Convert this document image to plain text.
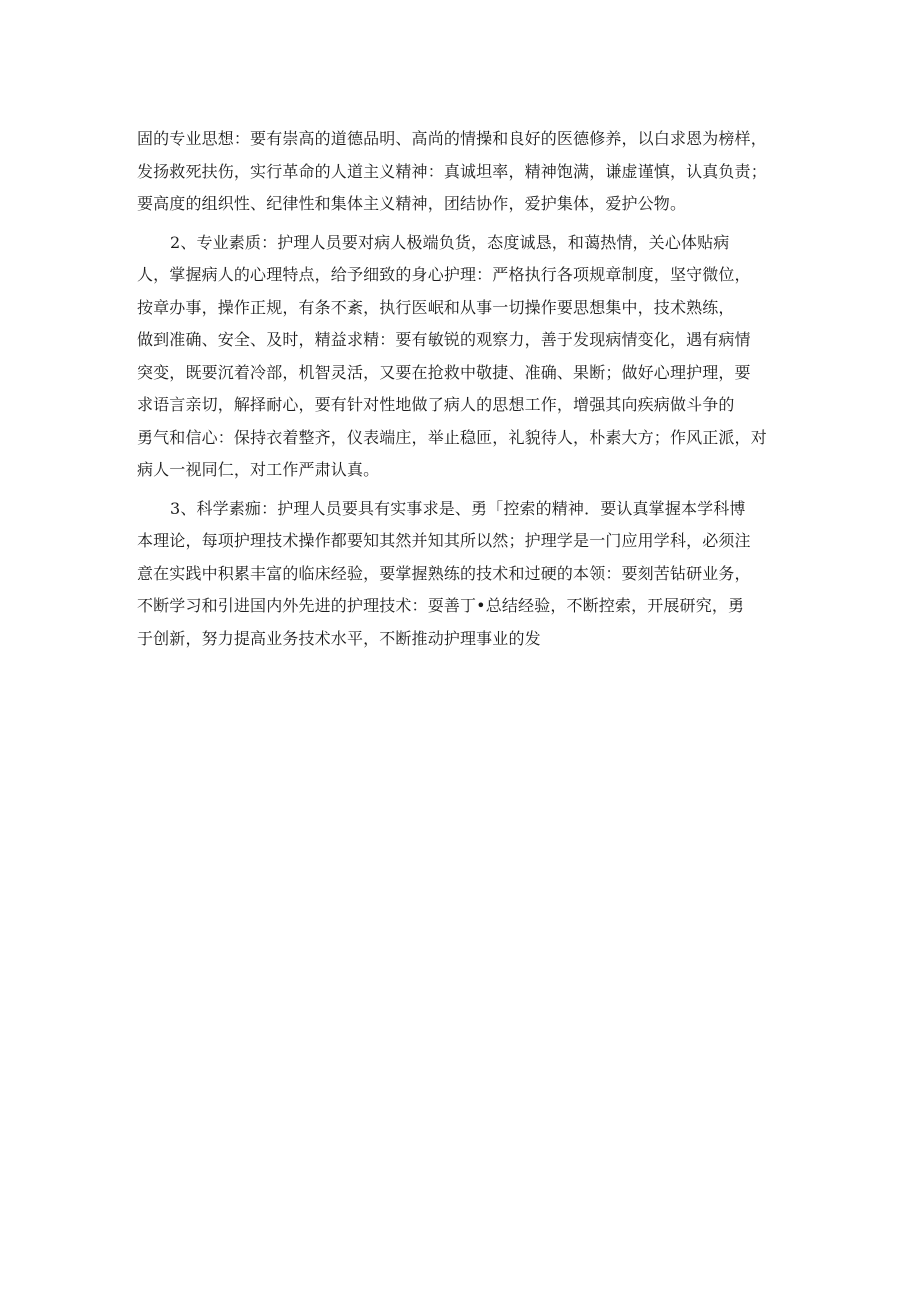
固的专业思想：要有崇高的道德品明、高尚的情操和良好的医德修养，以白求恩为榜样，
发扬救死扶伤，实行革命的人道主义精神：真诚坦率，精神饱满，谦虚谨慎，认真负责；
要高度的组织性、纪律性和集体主义精神，团结协作，爱护集体，爱护公物。
2、专业素质：护理人员要对病人极端负货，态度诚恳，和蔼热情，关心体贴病
人，掌握病人的心理特点，给予细致的身心护理：严格执行各项规章制度，坚守微位，
按章办事，操作正规，有条不紊，执行医岷和从事一切操作要思想集中，技术熟练，
做到准确、安全、及时，精益求精：要有敏锐的观察力，善于发现病情变化，遇有病情
突变，既要沉着冷部，机智灵活，又要在抢救中敬捷、准确、果断；做好心理护理，要
求语言亲切，解择耐心，要有针对性地做了病人的思想工作，增强其向疾病做斗争的
勇气和信心：保持衣着整齐，仪表端庄，举止稳匝，礼貌待人，朴素大方；作风正派，对
病人一视同仁，对工作严肃认真。
3、科学素痂：护理人员要具有实事求是、勇「控索的精神．要认真掌握本学科博
本理论，每项护理技术操作都要知其然并知其所以然；护理学是一门应用学科，必须注
意在实践中积累丰富的临床经验，要掌握熟练的技术和过硬的本领：要刻苦钻研业务，
不断学习和引进国内外先进的护理技术：耍善丁•总结经验，不断控索，开展研究，勇
于创新，努力提高业务技术水平，不断推动护理事业的发
